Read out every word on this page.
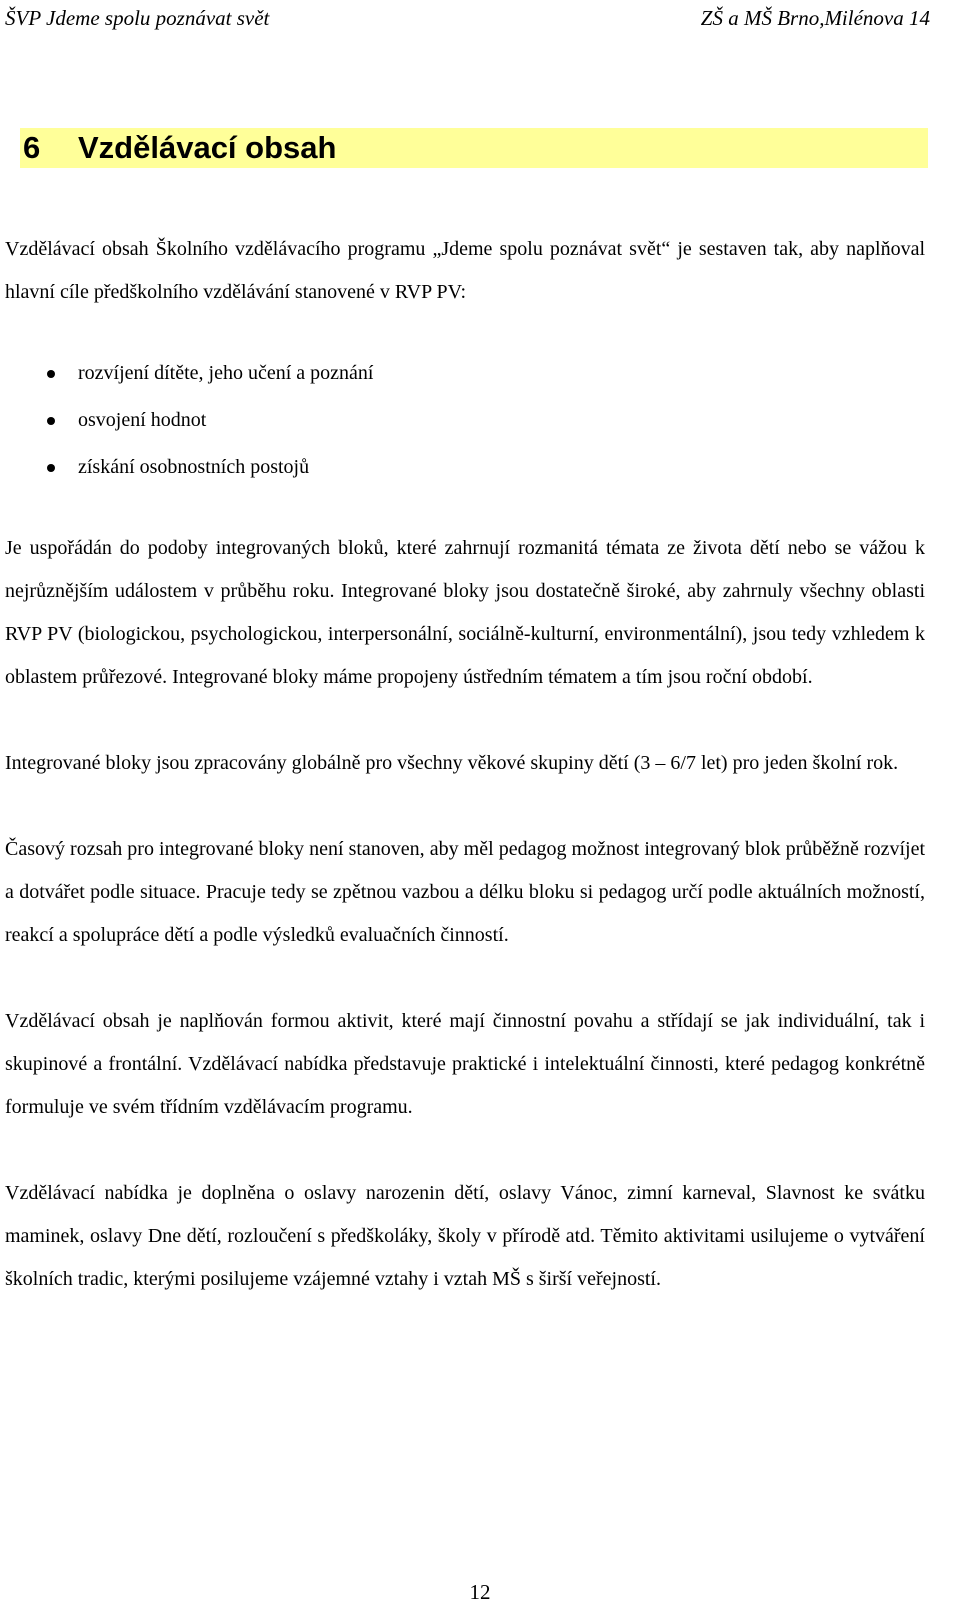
ŠVP Jdeme spolu poznávat svět	ZŠ a MŠ Brno,Milénova 14
6	Vzdělávací obsah

Vzdělávací obsah Školního vzdělávacího programu „Jdeme spolu poznávat svět“ je sestaven tak, aby naplňoval hlavní cíle předškolního vzdělávání stanovené v RVP PV:

rozvíjení dítěte, jeho učení a poznání
osvojení hodnot
získání osobnostních postojů

Je uspořádán do podoby integrovaných bloků, které zahrnují rozmanitá témata ze života dětí nebo se vážou k nejrůznějším událostem v průběhu roku. Integrované bloky jsou dostatečně široké, aby zahrnuly všechny oblasti RVP PV (biologickou, psychologickou, interpersonální, sociálně-kulturní, environmentální), jsou tedy vzhledem k oblastem průřezové. Integrované bloky máme propojeny ústředním tématem a tím jsou roční období.

Integrované bloky jsou zpracovány globálně pro všechny věkové skupiny dětí (3 – 6/7 let) pro jeden školní rok.

Časový rozsah pro integrované bloky není stanoven, aby měl pedagog možnost integrovaný blok průběžně rozvíjet a dotvářet podle situace. Pracuje tedy se zpětnou vazbou a délku bloku si pedagog určí podle aktuálních možností, reakcí a spolupráce dětí a podle výsledků evaluačních činností.

Vzdělávací obsah je naplňován formou aktivit, které mají činnostní povahu a střídají se jak individuální, tak i skupinové a frontální. Vzdělávací nabídka představuje praktické i intelektuální činnosti, které pedagog konkrétně formuluje ve svém třídním vzdělávacím programu.

Vzdělávací nabídka je doplněna o oslavy narozenin dětí, oslavy Vánoc, zimní karneval, Slavnost ke svátku maminek, oslavy Dne dětí, rozloučení s předškoláky, školy v přírodě atd. Těmito aktivitami usilujeme o vytváření školních tradic, kterými posilujeme vzájemné vztahy i vztah MŠ s širší veřejností.

12
